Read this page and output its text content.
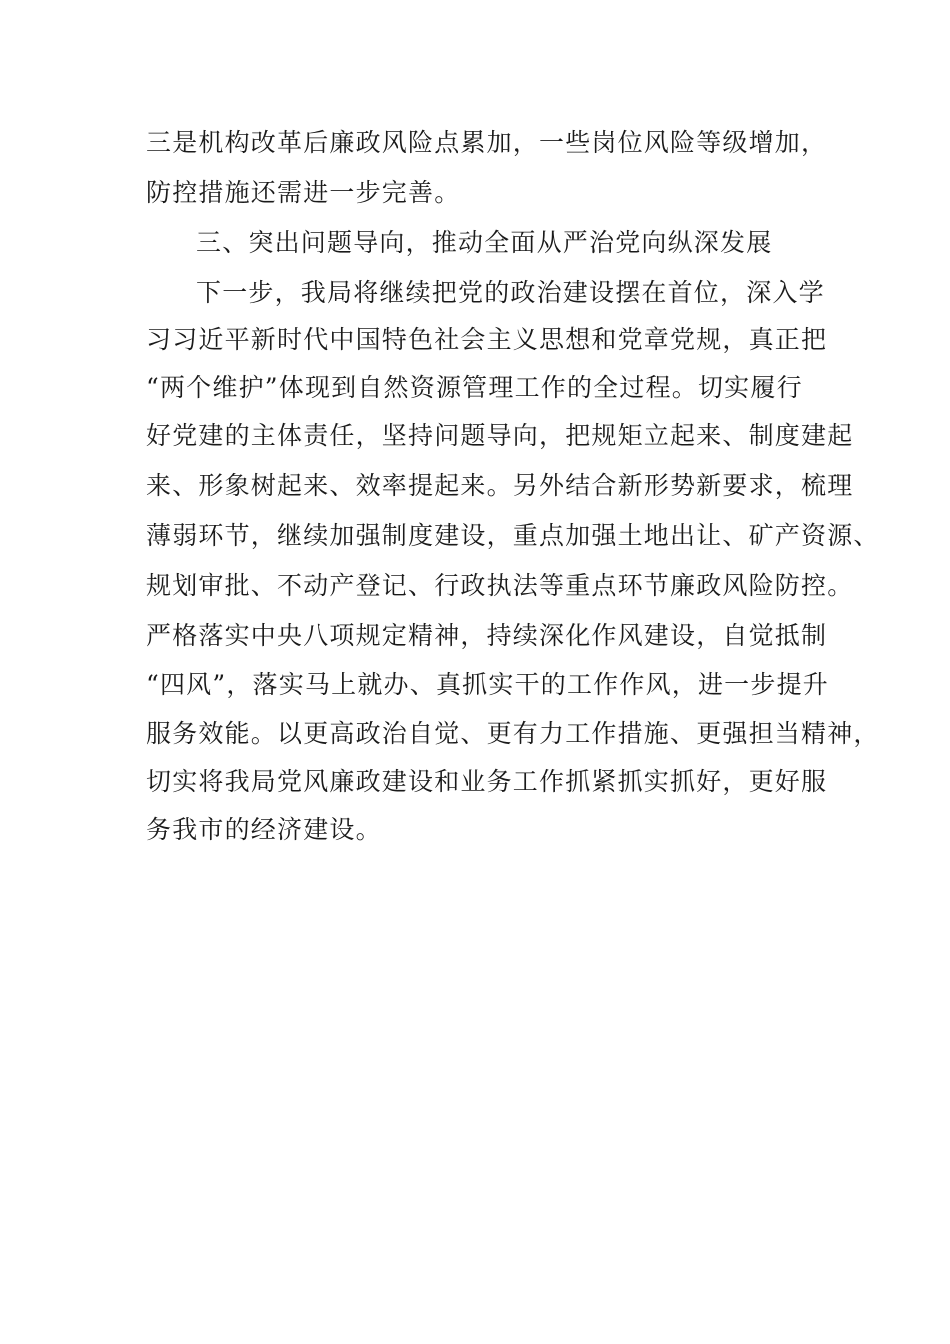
三是机构改革后廉政风险点累加，一些岗位风险等级增加，
防控措施还需进一步完善。
三、突出问题导向，推动全面从严治党向纵深发展
下一步，我局将继续把党的政治建设摆在首位，深入学
习习近平新时代中国特色社会主义思想和党章党规，真正把
“两个维护”体现到自然资源管理工作的全过程。切实履行
好党建的主体责任，坚持问题导向，把规矩立起来、制度建起
来、形象树起来、效率提起来。另外结合新形势新要求，梳理
薄弱环节，继续加强制度建设，重点加强土地出让、矿产资源、
规划审批、不动产登记、行政执法等重点环节廉政风险防控。
严格落实中央八项规定精神，持续深化作风建设，自觉抵制
“四风”，落实马上就办、真抓实干的工作作风，进一步提升
服务效能。以更高政治自觉、更有力工作措施、更强担当精神，
切实将我局党风廉政建设和业务工作抓紧抓实抓好，更好服
务我市的经济建设。
